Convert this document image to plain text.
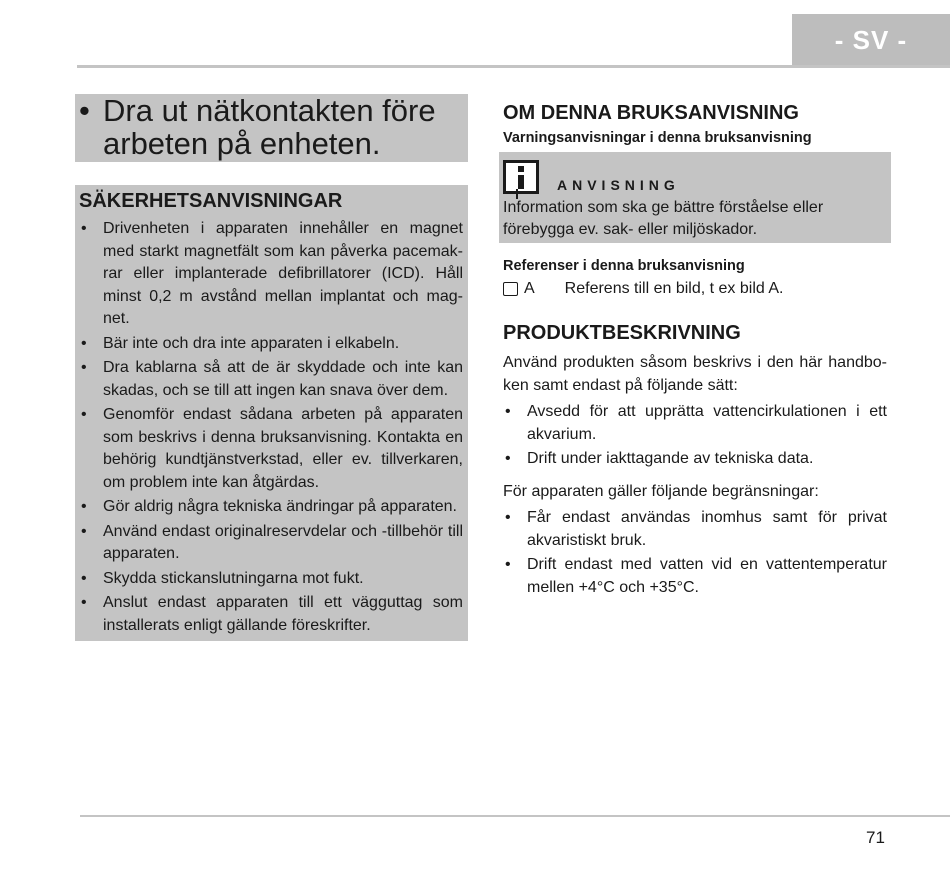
- SV -
• Dra ut nätkontakten före
arbeten på enheten.
SÄKERHETSANVISNINGAR
• Drivenheten i apparaten innehåller en magnet med starkt magnetfält som kan påverka pacemak-rar eller implanterade defibrillatorer (ICD). Håll minst 0,2 m avstånd mellan implantat och mag-net.
• Bär inte och dra inte apparaten i elkabeln.
• Dra kablarna så att de är skyddade och inte kan skadas, och se till att ingen kan snava över dem.
• Genomför endast sådana arbeten på apparaten som beskrivs i denna bruksanvisning. Kontakta en behörig kundtjänstverkstad, eller ev. tillverkaren, om problem inte kan åtgärdas.
• Gör aldrig några tekniska ändringar på apparaten.
• Använd endast originalreservdelar och -tillbehör till apparaten.
• Skydda stickanslutningarna mot fukt.
• Anslut endast apparaten till ett vägguttag som installerats enligt gällande föreskrifter.
OM DENNA BRUKSANVISNING
Varningsanvisningar i denna bruksanvisning
ANVISNING
Information som ska ge bättre förståelse eller förebygga ev. sak- eller miljöskador.
Referenser i denna bruksanvisning
A Referens till en bild, t ex bild A.
PRODUKTBESKRIVNING

Använd produkten såsom beskrivs i den här handbo-ken samt endast på följande sätt:

• Avsedd för att upprätta vattencirkulationen i ett akvarium.
• Drift under iakttagande av tekniska data.

För apparaten gäller följande begränsningar:

• Får endast användas inomhus samt för privat akvaristiskt bruk.
• Drift endast med vatten vid en vattentemperatur mellen +4°C och +35°C.
71
